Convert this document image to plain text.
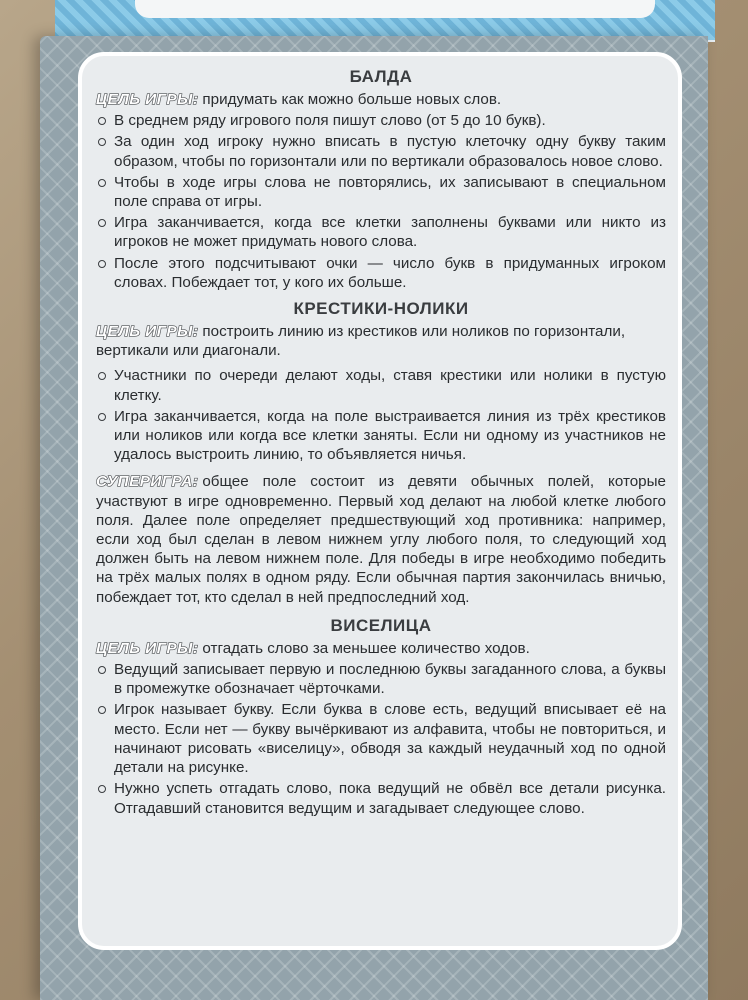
БАЛДА
ЦЕЛЬ ИГРЫ: придумать как можно больше новых слов.
В среднем ряду игрового поля пишут слово (от 5 до 10 букв).
За один ход игроку нужно вписать в пустую клеточку одну букву таким образом, чтобы по горизонтали или по вертикали образовалось новое слово.
Чтобы в ходе игры слова не повторялись, их записывают в специальном поле справа от игры.
Игра заканчивается, когда все клетки заполнены буквами или никто из игроков не может придумать нового слова.
После этого подсчитывают очки — число букв в придуманных игроком словах. Побеждает тот, у кого их больше.
КРЕСТИКИ-НОЛИКИ
ЦЕЛЬ ИГРЫ: построить линию из крестиков или ноликов по горизонтали, вертикали или диагонали.
Участники по очереди делают ходы, ставя крестики или нолики в пустую клетку.
Игра заканчивается, когда на поле выстраивается линия из трёх крестиков или ноликов или когда все клетки заняты. Если ни одному из участников не удалось выстроить линию, то объявляется ничья.
СУПЕРИГРА: общее поле состоит из девяти обычных полей, которые участвуют в игре одновременно. Первый ход делают на любой клетке любого поля. Далее поле определяет предшествующий ход противника: например, если ход был сделан в левом нижнем углу любого поля, то следующий ход должен быть на левом нижнем поле. Для победы в игре необходимо победить на трёх малых полях в одном ряду. Если обычная партия закончилась вничью, побеждает тот, кто сделал в ней предпоследний ход.
ВИСЕЛИЦА
ЦЕЛЬ ИГРЫ: отгадать слово за меньшее количество ходов.
Ведущий записывает первую и последнюю буквы загаданного слова, а буквы в промежутке обозначает чёрточками.
Игрок называет букву. Если буква в слове есть, ведущий вписывает её на место. Если нет — букву вычёркивают из алфавита, чтобы не повториться, и начинают рисовать «виселицу», обводя за каждый неудачный ход по одной детали на рисунке.
Нужно успеть отгадать слово, пока ведущий не обвёл все детали рисунка. Отгадавший становится ведущим и загадывает следующее слово.
